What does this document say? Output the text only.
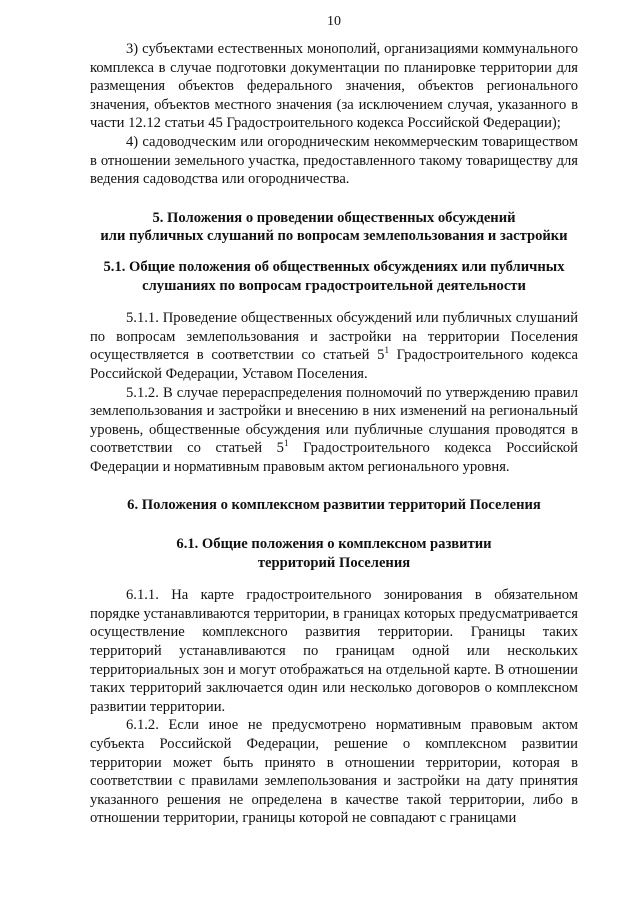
10

3) субъектами естественных монополий, организациями коммунального комплекса в случае подготовки документации по планировке территории для размещения объектов федерального значения, объектов регионального значения, объектов местного значения (за исключением случая, указанного в части 12.12 статьи 45 Градостроительного кодекса Российской Федерации);

4) садоводческим или огородническим некоммерческим товариществом в отношении земельного участка, предоставленного такому товариществу для ведения садоводства или огородничества.

5. Положения о проведении общественных обсуждений
или публичных слушаний по вопросам землепользования и застройки
5.1. Общие положения об общественных обсуждениях или публичных
слушаниях по вопросам градостроительной деятельности

5.1.1. Проведение общественных обсуждений или публичных слушаний по вопросам землепользования и застройки на территории Поселения осуществляется в соответствии со статьей $5^1$ Градостроительного кодекса Российской Федерации, Уставом Поселения.

5.1.2. В случае перераспределения полномочий по утверждению правил землепользования и застройки и внесению в них изменений на региональный уровень, общественные обсуждения или публичные слушания проводятся в соответствии со статьей $5^1$ Градостроительного кодекса Российской Федерации и нормативным правовым актом регионального уровня.

6. Положения о комплексном развитии территорий Поселения
6.1. Общие положения о комплексном развитии
территорий Поселения

6.1.1. На карте градостроительного зонирования в обязательном порядке устанавливаются территории, в границах которых предусматривается осуществление комплексного развития территории. Границы таких территорий устанавливаются по границам одной или нескольких территориальных зон и могут отображаться на отдельной карте. В отношении таких территорий заключается один или несколько договоров о комплексном развитии территории.

6.1.2. Если иное не предусмотрено нормативным правовым актом субъекта Российской Федерации, решение о комплексном развитии территории может быть принято в отношении территории, которая в соответствии с правилами землепользования и застройки на дату принятия указанного решения не определена в качестве такой территории, либо в отношении территории, границы которой не совпадают с границами
